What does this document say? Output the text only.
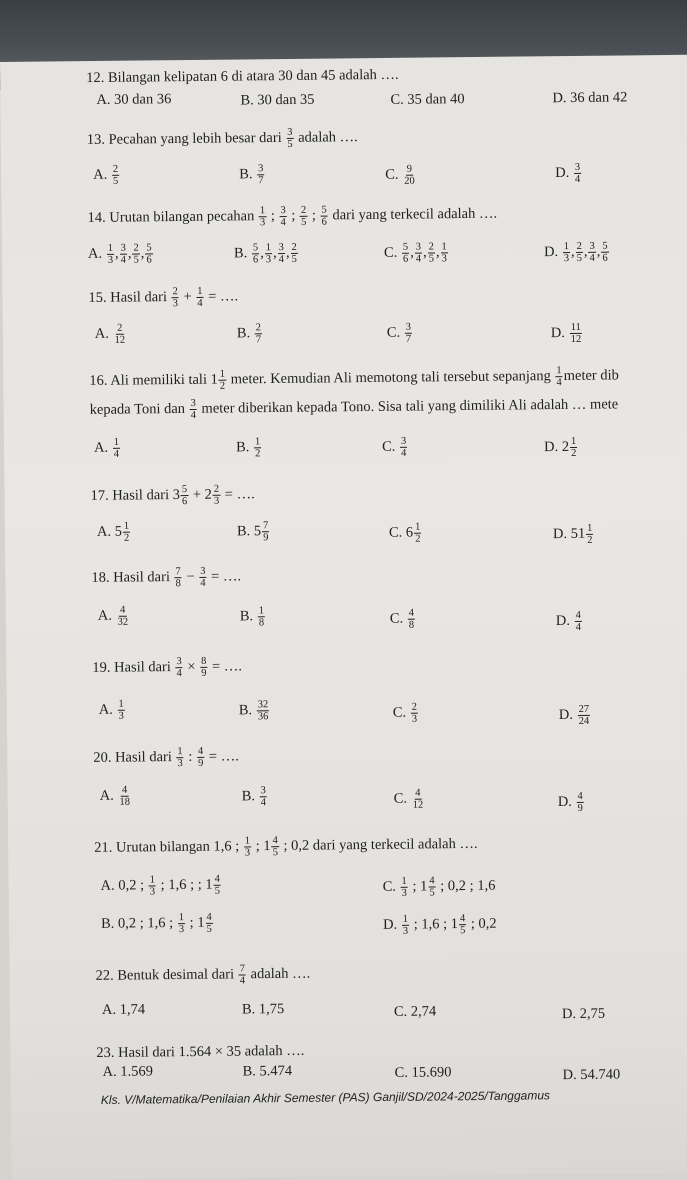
12. Bilangan kelipatan 6 di atara 30 dan 45 adalah ….
A. 30 dan 36	B. 30 dan 35	C. 35 dan 40	D. 36 dan 42
13. Pecahan yang lebih besar dari $\frac{3}{5}$ adalah ….
A. $\frac{2}{5}$	B. $\frac{3}{7}$	C. $\frac{9}{20}$	D. $\frac{3}{4}$
14. Urutan bilangan pecahan $\frac{1}{3}$ ; $\frac{3}{4}$ ; $\frac{2}{5}$ ; $\frac{5}{6}$ dari yang terkecil adalah ….
A. $\frac{1}{3}$ , $\frac{3}{4}$ , $\frac{2}{5}$ , $\frac{5}{6}$	B. $\frac{5}{6}$ , $\frac{1}{3}$ , $\frac{3}{4}$ , $\frac{2}{5}$	C. $\frac{5}{6}$ , $\frac{3}{4}$ , $\frac{2}{5}$ , $\frac{1}{3}$	D. $\frac{1}{3}$ , $\frac{2}{5}$ , $\frac{3}{4}$ , $\frac{5}{6}$
15. Hasil dari $\frac{2}{3} + \frac{1}{4}$ = ….
A. $\frac{2}{12}$	B. $\frac{2}{7}$	C. $\frac{3}{7}$	D. $\frac{11}{12}$
16. Ali memiliki tali $1 \frac{1}{2}$ meter. Kemudian Ali memotong tali tersebut sepanjang $\frac{1}{4}$ meter dib
kepada Toni dan $\frac{3}{4}$ meter diberikan kepada Tono. Sisa tali yang dimiliki Ali adalah … mete
A. $\frac{1}{4}$	B. $\frac{1}{2}$	C. $\frac{3}{4}$	D. $2 \frac{1}{2}$
17. Hasil dari $3 \frac{5}{6} + 2 \frac{2}{3}$ = ….
A. $5 \frac{1}{2}$	B. $5 \frac{7}{9}$	C. $6 \frac{1}{2}$	D. $51 \frac{1}{2}$
18. Hasil dari $\frac{7}{8} - \frac{3}{4}$ = ….
A. $\frac{4}{32}$	B. $\frac{1}{8}$	C. $\frac{4}{8}$	D. $\frac{4}{4}$
19. Hasil dari $\frac{3}{4} \times \frac{8}{9}$ = ….
A. $\frac{1}{3}$	B. $\frac{32}{36}$	C. $\frac{2}{3}$	D. $\frac{27}{24}$
20. Hasil dari $\frac{1}{3}$ : $\frac{4}{9}$ = ….
A. $\frac{4}{18}$	B. $\frac{3}{4}$	C. $\frac{4}{12}$	D. $\frac{4}{9}$
21. Urutan bilangan 1,6 ; $\frac{1}{3}$ ; $1 \frac{4}{5}$ ; 0,2 dari yang terkecil adalah ….
A. 0,2 ; $\frac{1}{3}$ ; 1,6 ; ; $1 \frac{4}{5}$	C. $\frac{1}{3}$ ; $1 \frac{4}{5}$ ; 0,2 ; 1,6
B. 0,2 ; 1,6 ; $\frac{1}{3}$ ; $1 \frac{4}{5}$	D. $\frac{1}{3}$ ; 1,6 ; $1 \frac{4}{5}$ ; 0,2
22. Bentuk desimal dari $\frac{7}{4}$ adalah ….
A. 1,74	B. 1,75	C. 2,74	D. 2,75
23. Hasil dari 1.564 × 35 adalah ….
A. 1.569	B. 5.474	C. 15.690	D. 54.740
Kls. V/Matematika/Penilaian Akhir Semester (PAS) Ganjil/SD/2024-2025/Tanggamus
